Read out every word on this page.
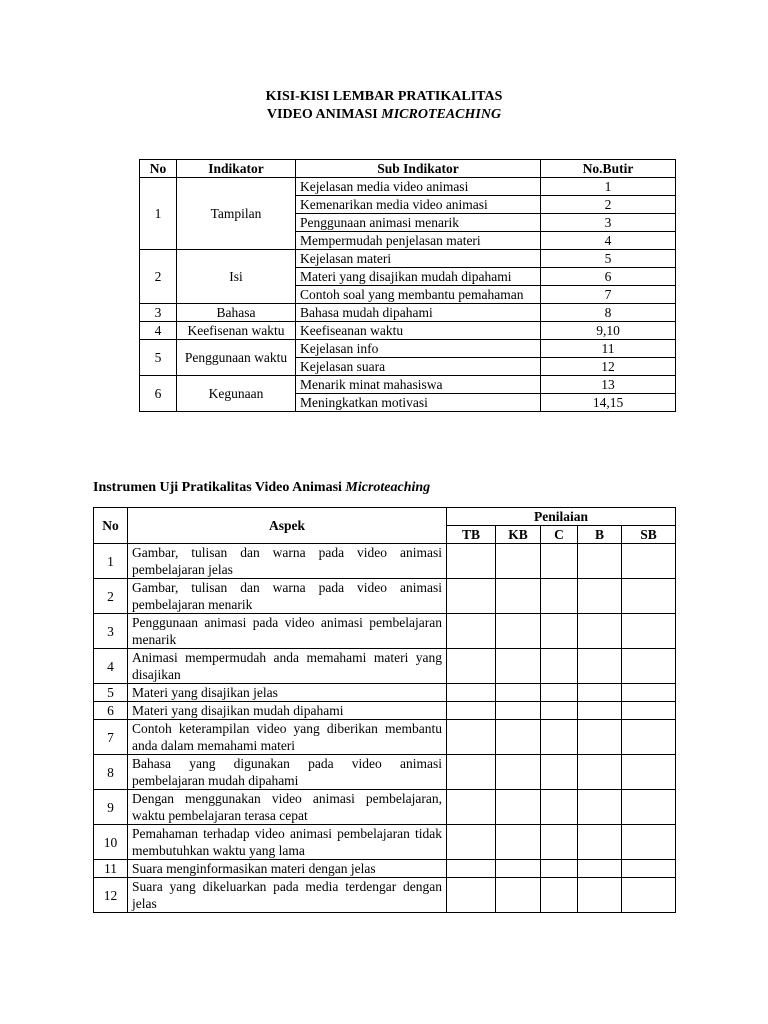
KISI-KISI LEMBAR PRATIKALITAS
VIDEO ANIMASI MICROTEACHING
No	Indikator	Sub Indikator	No.Butir
1	Tampilan	Kejelasan media video animasi	1
		Kemenarikan media video animasi	2
		Penggunaan animasi menarik	3
		Mempermudah penjelasan materi	4
2	Isi	Kejelasan materi	5
		Materi yang disajikan mudah dipahami	6
		Contoh soal yang membantu pemahaman	7
3	Bahasa	Bahasa mudah dipahami	8
4	Keefisenan waktu	Keefiseanan waktu	9,10
5	Penggunaan waktu	Kejelasan info	11
		Kejelasan suara	12
6	Kegunaan	Menarik minat mahasiswa	13
		Meningkatkan motivasi	14,15
Instrumen Uji Pratikalitas Video Animasi Microteaching
No	Aspek	Penilaian				
		TB	KB	C	B	SB
1	Gambar, tulisan dan warna pada video animasi pembelajaran jelas					
2	Gambar, tulisan dan warna pada video animasi pembelajaran menarik					
3	Penggunaan animasi pada video animasi pembelajaran menarik					
4	Animasi mempermudah anda memahami materi yang disajikan					
5	Materi yang disajikan jelas					
6	Materi yang disajikan mudah dipahami					
7	Contoh keterampilan video yang diberikan membantu anda dalam memahami materi					
8	Bahasa yang digunakan pada video animasi pembelajaran mudah dipahami					
9	Dengan menggunakan video animasi pembelajaran, waktu pembelajaran terasa cepat					
10	Pemahaman terhadap video animasi pembelajaran tidak membutuhkan waktu yang lama					
11	Suara menginformasikan materi dengan jelas					
12	Suara yang dikeluarkan pada media terdengar dengan jelas					
